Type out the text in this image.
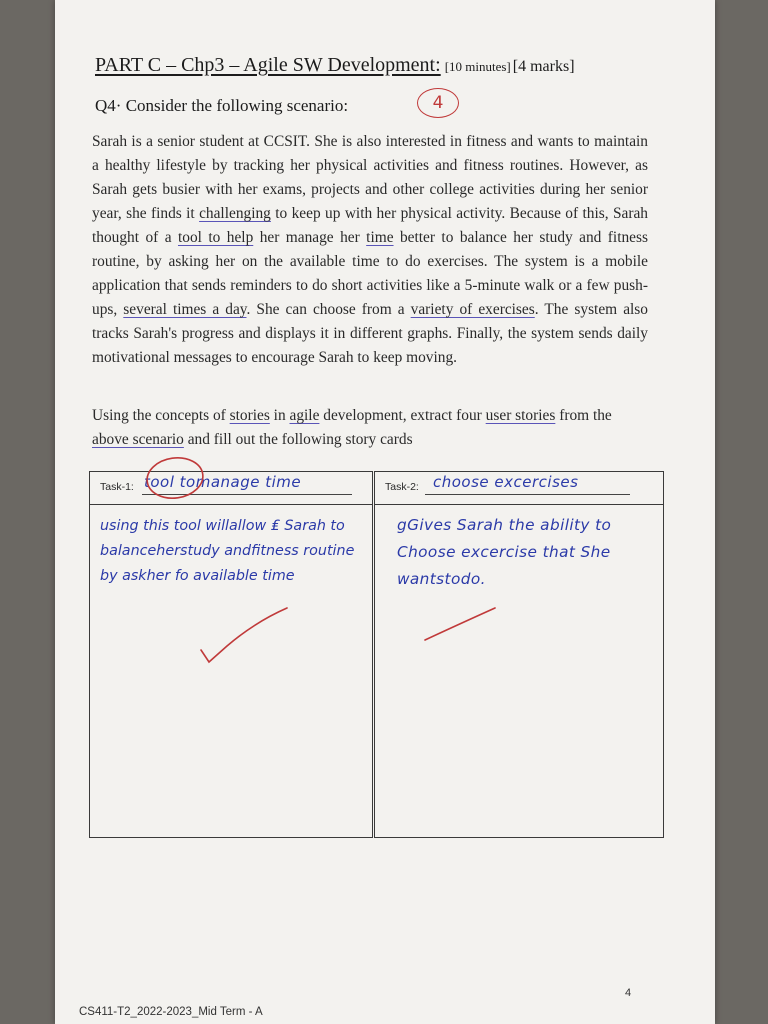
PART C – Chp3 – Agile SW Development: [10 minutes] [4 marks]
Q4· Consider the following scenario:	4

Sarah is a senior student at CCSIT. She is also interested in fitness and wants to maintain a healthy lifestyle by tracking her physical activities and fitness routines. However, as Sarah gets busier with her exams, projects and other college activities during her senior year, she finds it challenging to keep up with her physical activity. Because of this, Sarah thought of a tool to help her manage her time better to balance her study and fitness routine, by asking her on the available time to do exercises. The system is a mobile application that sends reminders to do short activities like a 5-minute walk or a few push-ups, several times a day. She can choose from a variety of exercises. The system also tracks Sarah's progress and displays it in different graphs. Finally, the system sends daily motivational messages to encourage Sarah to keep moving.

Using the concepts of stories in agile development, extract four user stories from the above scenario and fill out the following story cards

Task-1: tool tomanage time

using this tool willallow ₤ Sarah to balanceherstudy andfitness routine by askher fo available time

Task-2: choose excercises

gGives Sarah the ability to Choose excercise that She wantstodo.

4
CS411-T2_2022-2023_Mid Term - A
